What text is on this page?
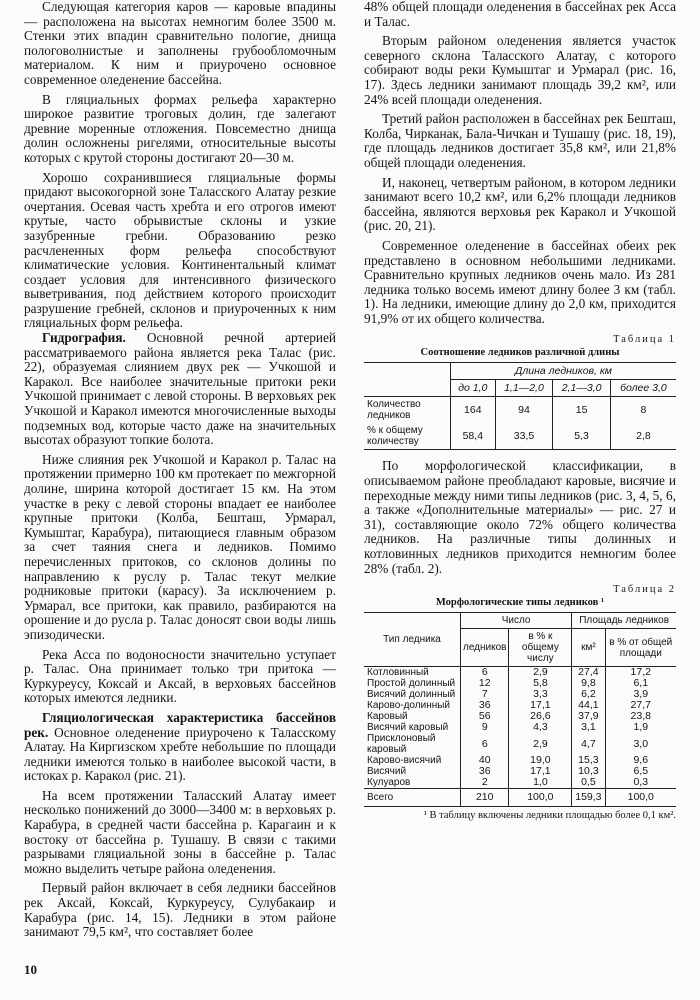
Следующая категория каров — каровые впадины — расположена на высотах немногим более 3500 м. Стенки этих впадин сравнительно пологие, днища пологоволнистые и заполнены грубообломочным материалом. К ним и приурочено основное современное оледенение бассейна.

В гляциальных формах рельефа характерно широкое развитие троговых долин, где залегают древние моренные отложения. Повсеместно днища долин осложнены ригелями, относительные высоты которых с крутой стороны достигают 20—30 м.

Хорошо сохранившиеся гляциальные формы придают высокогорной зоне Таласского Алатау резкие очертания. Осевая часть хребта и его отрогов имеют крутые, часто обрывистые склоны и узкие зазубренные гребни. Образованию резко расчлененных форм рельефа способствуют климатические условия. Континентальный климат создает условия для интенсивного физического выветривания, под действием которого происходит разрушение гребней, склонов и приуроченных к ним гляциальных форм рельефа.

Гидрография. Основной речной артерией рассматриваемого района является река Талас (рис. 22), образуемая слиянием двух рек — Учкошой и Каракол. Все наиболее значительные притоки реки Учкошой принимает с левой стороны. В верховьях рек Учкошой и Каракол имеются многочисленные выходы подземных вод, которые часто даже на значительных высотах образуют топкие болота.

Ниже слияния рек Учкошой и Каракол р. Талас на протяжении примерно 100 км протекает по межгорной долине, ширина которой достигает 15 км. На этом участке в реку с левой стороны впадает ее наиболее крупные притоки (Колба, Бешташ, Урмарал, Кумыштаг, Карабура), питающиеся главным образом за счет таяния снега и ледников. Помимо перечисленных притоков, со склонов долины по направлению к руслу р. Талас текут мелкие родниковые притоки (карасу). За исключением р. Урмарал, все притоки, как правило, разбираются на орошение и до русла р. Талас доносят свои воды лишь эпизодически.

Река Асса по водоносности значительно уступает р. Талас. Она принимает только три притока — Куркуреусу, Коксай и Аксай, в верховьях бассейнов которых имеются ледники.

Гляциологическая характеристика бассейнов рек. Основное оледенение приурочено к Таласскому Алатау. На Киргизском хребте небольшие по площади ледники имеются только в наиболее высокой части, в истоках р. Каракол (рис. 21).

На всем протяжении Таласский Алатау имеет несколько понижений до 3000—3400 м: в верховьях р. Карабура, в средней части бассейна р. Карагаин и к востоку от бассейна р. Тушашу. В связи с такими разрывами гляциальной зоны в бассейне р. Талас можно выделить четыре района оледенения.

Первый район включает в себя ледники бассейнов рек Аксай, Коксай, Куркуреусу, Сулубакаир и Карабура (рис. 14, 15). Ледники в этом районе занимают 79,5 км², что составляет более

48% общей площади оледенения в бассейнах рек Асса и Талас.

Вторым районом оледенения является участок северного склона Таласского Алатау, с которого собирают воды реки Кумыштаг и Урмарал (рис. 16, 17). Здесь ледники занимают площадь 39,2 км², или 24% всей площади оледенения.

Третий район расположен в бассейнах рек Бешташ, Колба, Чирканак, Бала-Чичкан и Тушашу (рис. 18, 19), где площадь ледников достигает 35,8 км², или 21,8% общей площади оледенения.

И, наконец, четвертым районом, в котором ледники занимают всего 10,2 км², или 6,2% площади ледников бассейна, являются верховья рек Каракол и Учкошой (рис. 20, 21).

Современное оледенение в бассейнах обеих рек представлено в основном небольшими ледниками. Сравнительно крупных ледников очень мало. Из 281 ледника только восемь имеют длину более 3 км (табл. 1). На ледники, имеющие длину до 2,0 км, приходится 91,9% от их общего количества.

Таблица 1
Соотношение ледников различной длины
	Длина ледников, км			
	до 1,0	1,1—2,0	2,1—3,0	более 3,0
Количество ледников	164	94	15	8
% к общему количеству	58,4	33,5	5,3	2,8

По морфологической классификации, в описываемом районе преобладают каровые, висячие и переходные между ними типы ледников (рис. 3, 4, 5, 6, а также «Дополнительные материалы» — рис. 27 и 31), составляющие около 72% общего количества ледников. На различные типы долинных и котловинных ледников приходится немногим более 28% (табл. 2).

Таблица 2
Морфологические типы ледников ¹
Тип ледника	Число		Площадь ледников	
	ледников	в % к общему числу	км²	в % от общей площади
Котловинный	6	2,9	27,4	17,2
Простой долинный	12	5,8	9,8	6,1
Висячий долинный	7	3,3	6,2	3,9
Карово-долинный	36	17,1	44,1	27,7
Каровый	56	26,6	37,9	23,8
Висячий каровый	9	4,3	3,1	1,9
Присклоновый каровый	6	2,9	4,7	3,0
Карово-висячий	40	19,0	15,3	9,6
Висячий	36	17,1	10,3	6,5
Кулуаров	2	1,0	0,5	0,3
Всего	210	100,0	159,3	100,0
¹ В таблицу включены ледники площадью более 0,1 км².
10
